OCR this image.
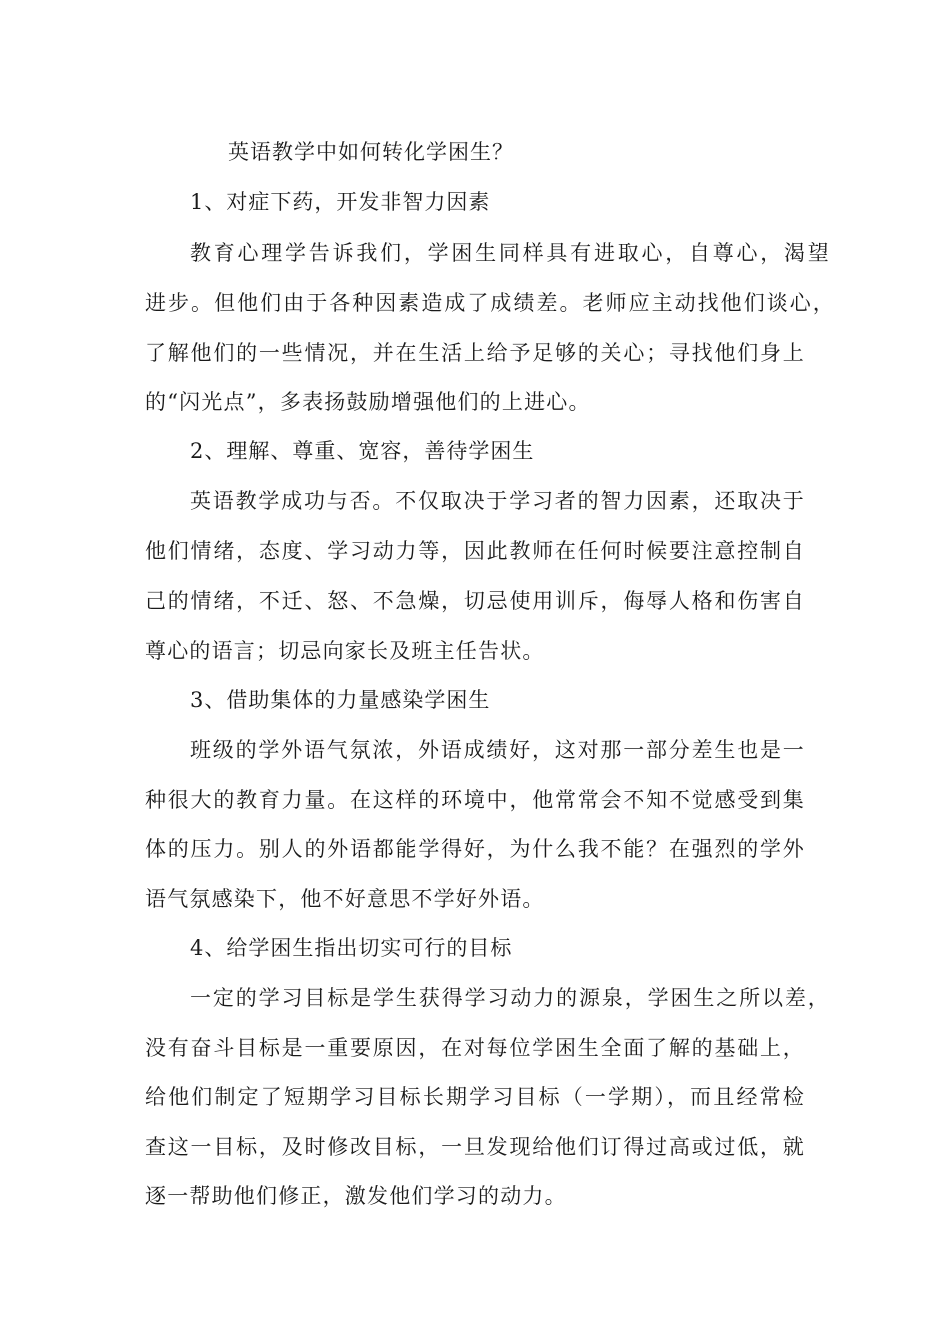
英语教学中如何转化学困生？
1、对症下药，开发非智力因素
教育心理学告诉我们，学困生同样具有进取心，自尊心，渴望
进步。但他们由于各种因素造成了成绩差。老师应主动找他们谈心，
了解他们的一些情况，并在生活上给予足够的关心；寻找他们身上
的“闪光点”，多表扬鼓励增强他们的上进心。
2、理解、尊重、宽容，善待学困生
英语教学成功与否。不仅取决于学习者的智力因素，还取决于
他们情绪，态度、学习动力等，因此教师在任何时候要注意控制自
己的情绪，不迁、怒、不急燥，切忌使用训斥，侮辱人格和伤害自
尊心的语言；切忌向家长及班主任告状。
3、借助集体的力量感染学困生
班级的学外语气氛浓，外语成绩好，这对那一部分差生也是一
种很大的教育力量。在这样的环境中，他常常会不知不觉感受到集
体的压力。别人的外语都能学得好，为什么我不能？在强烈的学外
语气氛感染下，他不好意思不学好外语。
4、给学困生指出切实可行的目标
一定的学习目标是学生获得学习动力的源泉，学困生之所以差，
没有奋斗目标是一重要原因，在对每位学困生全面了解的基础上，
给他们制定了短期学习目标长期学习目标（一学期），而且经常检
查这一目标，及时修改目标，一旦发现给他们订得过高或过低，就
逐一帮助他们修正，激发他们学习的动力。
